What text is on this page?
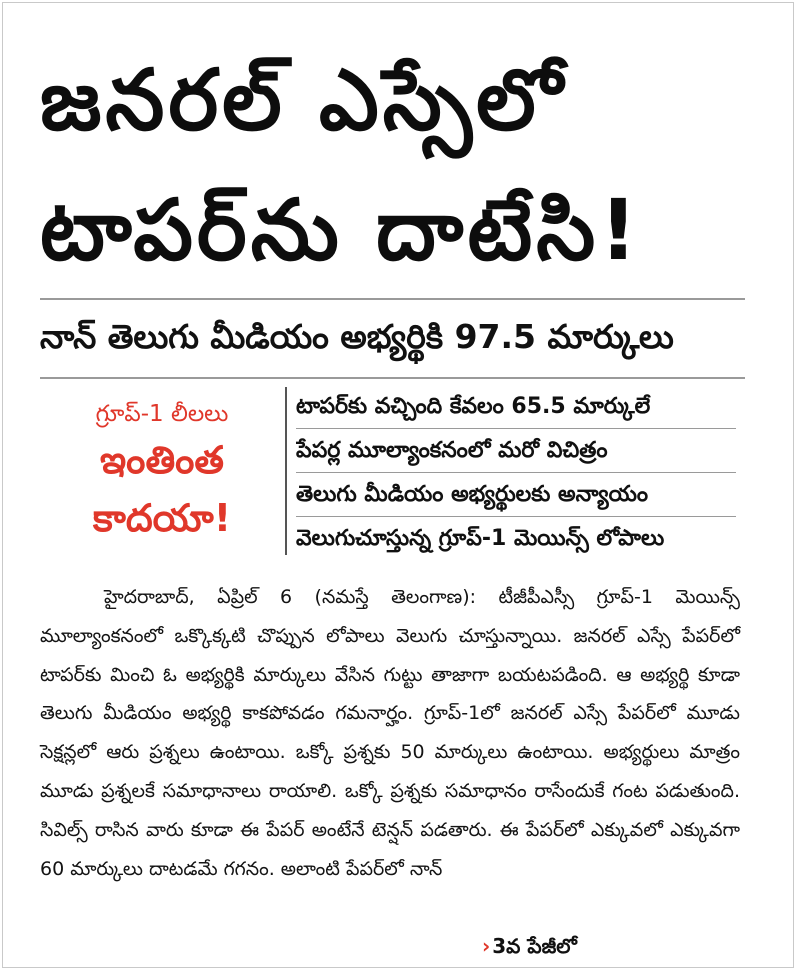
జనరల్ ఎస్సేలో
టాపర్‌ను దాటేసి!
నాన్ తెలుగు మీడియం అభ్యర్థికి 97.5 మార్కులు
గ్రూప్-1 లీలలు
ఇంతింత
కాదయా!
టాపర్‌కు వచ్చింది కేవలం 65.5 మార్కులే
పేపర్ల మూల్యాంకనంలో మరో విచిత్రం
తెలుగు మీడియం అభ్యర్థులకు అన్యాయం
వెలుగుచూస్తున్న గ్రూప్-1 మెయిన్స్ లోపాలు

హైదరాబాద్, ఏప్రిల్ 6 (నమస్తే తెలంగాణ): టీజీపీఎస్సీ గ్రూప్-1 మెయిన్స్ మూల్యాంకనంలో ఒక్కొక్కటి చొప్పున లోపాలు వెలుగు చూస్తున్నాయి. జనరల్ ఎస్సే పేపర్‌లో టాపర్‌కు మించి ఓ అభ్యర్థికి మార్కులు వేసిన గుట్టు తాజాగా బయటపడింది. ఆ అభ్యర్థి కూడా తెలుగు మీడియం అభ్యర్థి కాకపోవడం గమనార్హం. గ్రూప్-1లో జనరల్ ఎస్సే పేపర్‌లో మూడు సెక్షన్లలో ఆరు ప్రశ్నలు ఉంటాయి. ఒక్కో ప్రశ్నకు 50 మార్కులు ఉంటాయి. అభ్యర్థులు మాత్రం మూడు ప్రశ్నలకే సమాధానాలు రాయాలి. ఒక్కో ప్రశ్నకు సమాధానం రాసేందుకే గంట పడుతుంది. సివిల్స్ రాసిన వారు కూడా ఈ పేపర్ అంటేనే టెన్షన్ పడతారు. ఈ పేపర్‌లో ఎక్కువలో ఎక్కువగా 60 మార్కులు దాటడమే గగనం. అలాంటి పేపర్‌లో నాన్

› 3వ పేజీలో
